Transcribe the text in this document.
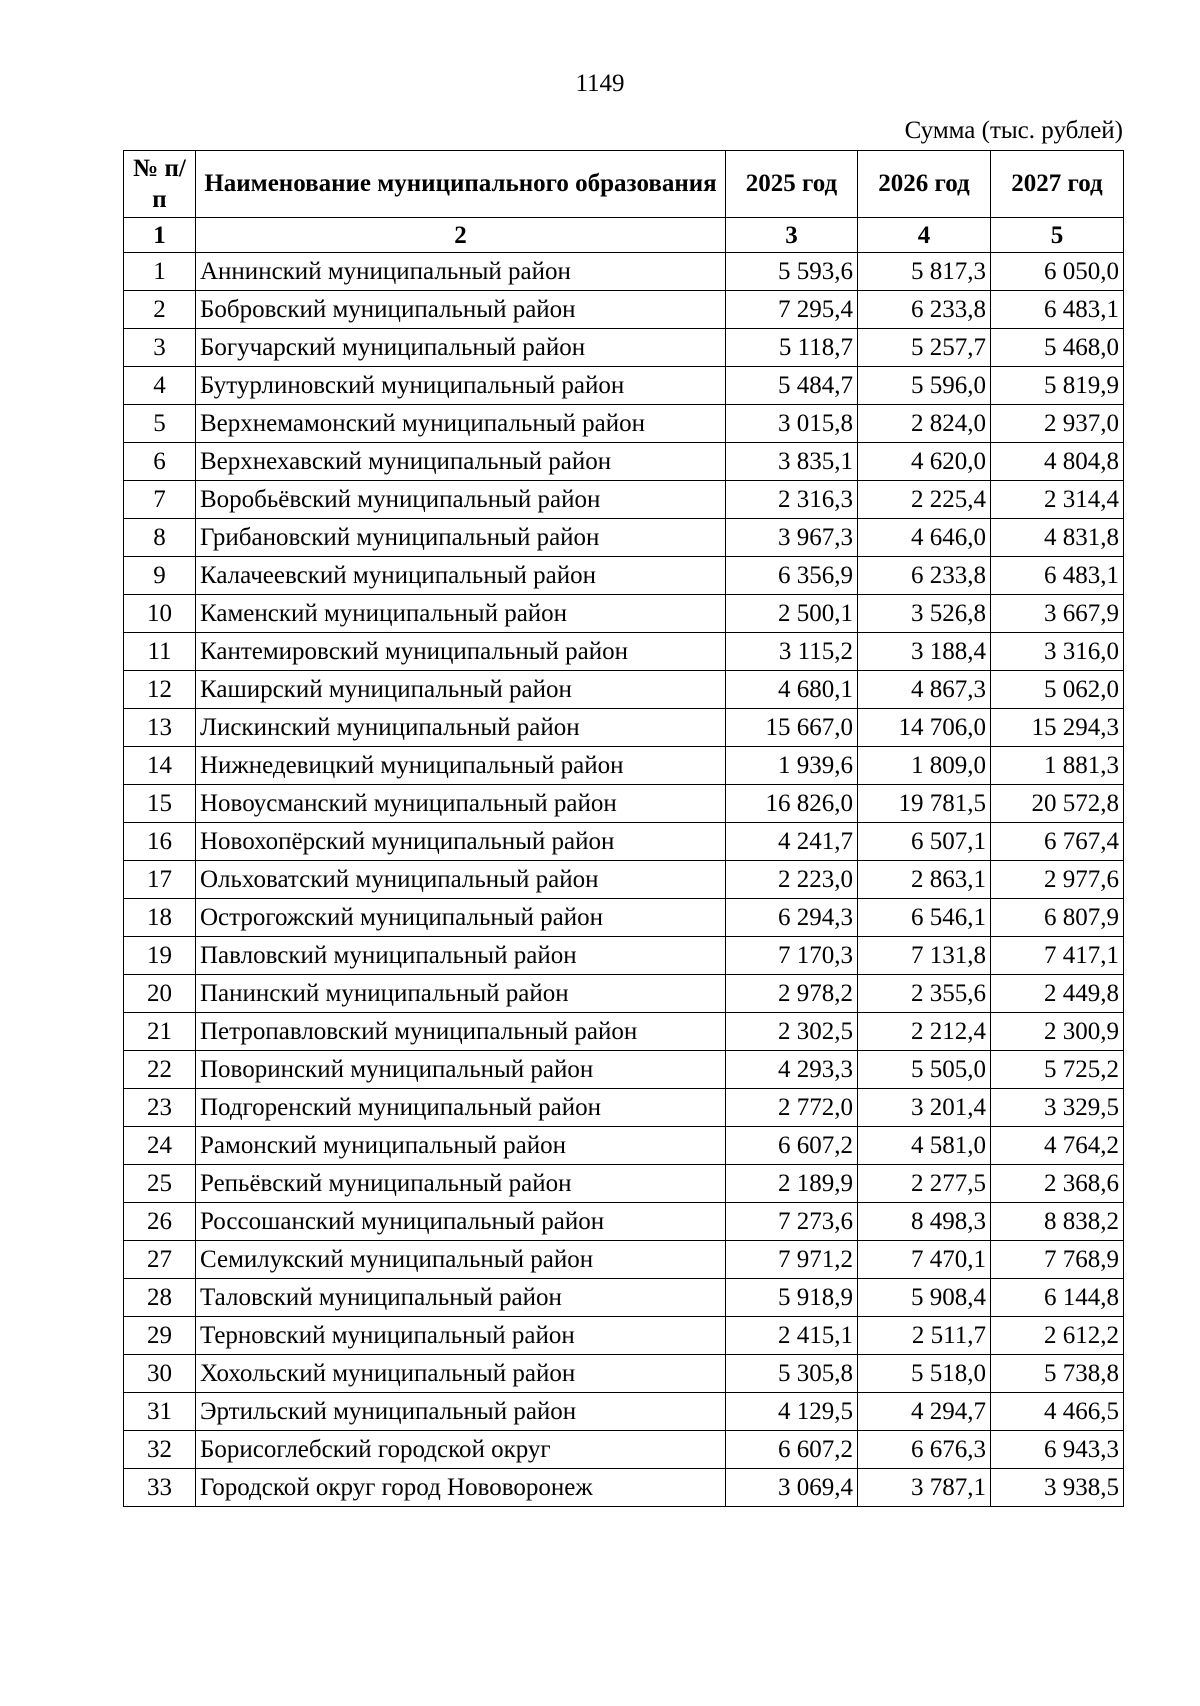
1149
Сумма (тыс. рублей)
№ п/п	Наименование муниципального образования	2025 год	2026 год	2027 год
1	2	3	4	5
1	Аннинский муниципальный район	5 593,6	5 817,3	6 050,0
2	Бобровский муниципальный район	7 295,4	6 233,8	6 483,1
3	Богучарский муниципальный район	5 118,7	5 257,7	5 468,0
4	Бутурлиновский муниципальный район	5 484,7	5 596,0	5 819,9
5	Верхнемамонский муниципальный район	3 015,8	2 824,0	2 937,0
6	Верхнехавский муниципальный район	3 835,1	4 620,0	4 804,8
7	Воробьёвский муниципальный район	2 316,3	2 225,4	2 314,4
8	Грибановский муниципальный район	3 967,3	4 646,0	4 831,8
9	Калачеевский муниципальный район	6 356,9	6 233,8	6 483,1
10	Каменский муниципальный район	2 500,1	3 526,8	3 667,9
11	Кантемировский муниципальный район	3 115,2	3 188,4	3 316,0
12	Каширский муниципальный район	4 680,1	4 867,3	5 062,0
13	Лискинский муниципальный район	15 667,0	14 706,0	15 294,3
14	Нижнедевицкий муниципальный район	1 939,6	1 809,0	1 881,3
15	Новоусманский муниципальный район	16 826,0	19 781,5	20 572,8
16	Новохопёрский муниципальный район	4 241,7	6 507,1	6 767,4
17	Ольховатский муниципальный район	2 223,0	2 863,1	2 977,6
18	Острогожский муниципальный район	6 294,3	6 546,1	6 807,9
19	Павловский муниципальный район	7 170,3	7 131,8	7 417,1
20	Панинский муниципальный район	2 978,2	2 355,6	2 449,8
21	Петропавловский муниципальный район	2 302,5	2 212,4	2 300,9
22	Поворинский муниципальный район	4 293,3	5 505,0	5 725,2
23	Подгоренский муниципальный район	2 772,0	3 201,4	3 329,5
24	Рамонский муниципальный район	6 607,2	4 581,0	4 764,2
25	Репьёвский муниципальный район	2 189,9	2 277,5	2 368,6
26	Россошанский муниципальный район	7 273,6	8 498,3	8 838,2
27	Семилукский муниципальный район	7 971,2	7 470,1	7 768,9
28	Таловский муниципальный район	5 918,9	5 908,4	6 144,8
29	Терновский муниципальный район	2 415,1	2 511,7	2 612,2
30	Хохольский муниципальный район	5 305,8	5 518,0	5 738,8
31	Эртильский муниципальный район	4 129,5	4 294,7	4 466,5
32	Борисоглебский городской округ	6 607,2	6 676,3	6 943,3
33	Городской округ город Нововоронеж	3 069,4	3 787,1	3 938,5
